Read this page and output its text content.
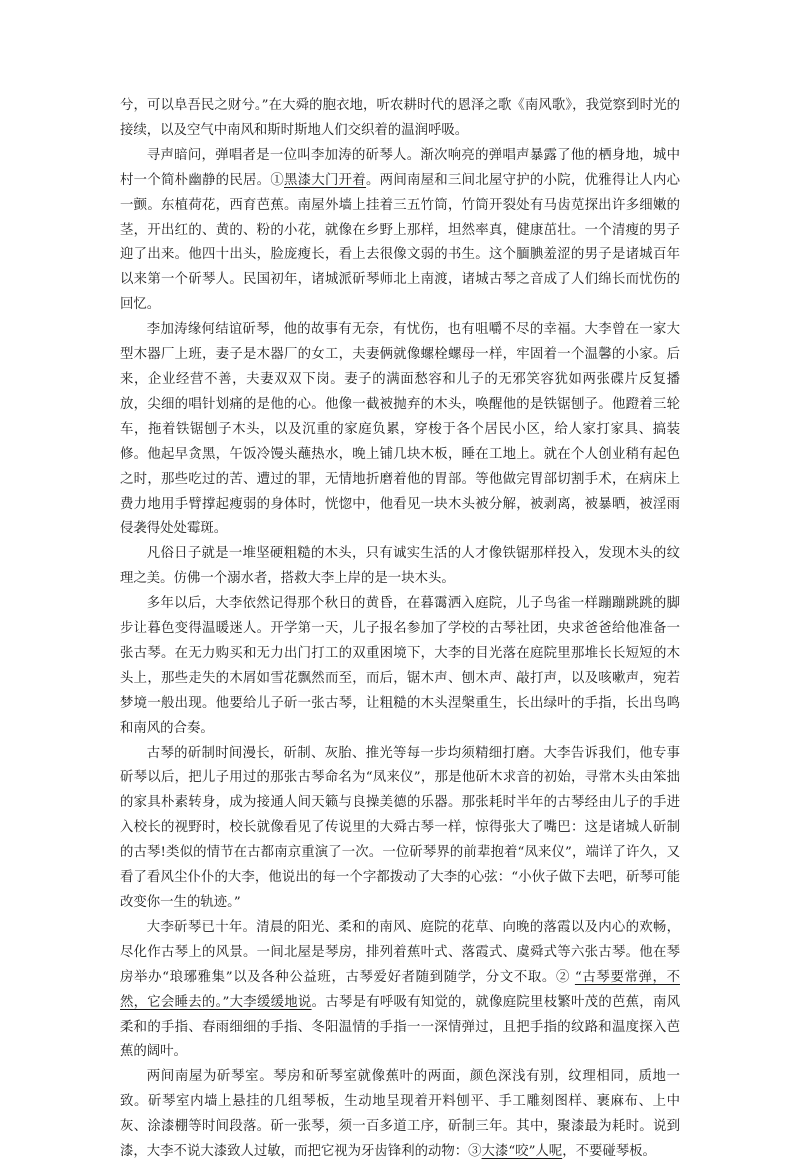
兮，可以阜吾民之财兮。”在大舜的胞衣地，听农耕时代的恩泽之歌《南风歌》，我觉察到时光的接续，以及空气中南风和斯时斯地人们交织着的温润呼吸。

寻声暗问，弹唱者是一位叫李加涛的斫琴人。渐次响亮的弹唱声暴露了他的栖身地，城中村一个简朴幽静的民居。①黑漆大门开着。两间南屋和三间北屋守护的小院，优雅得让人内心一颤。东植荷花，西育芭蕉。南屋外墙上挂着三五竹筒，竹筒开裂处有马齿苋探出许多细嫩的茎，开出红的、黄的、粉的小花，就像在乡野上那样，坦然率真，健康茁壮。一个清瘦的男子迎了出来。他四十出头，脸庞瘦长，看上去很像文弱的书生。这个腼腆羞涩的男子是诸城百年以来第一个斫琴人。民国初年，诸城派斫琴师北上南渡，诸城古琴之音成了人们绵长而忧伤的回忆。

李加涛缘何结谊斫琴，他的故事有无奈，有忧伤，也有咀嚼不尽的幸福。大李曾在一家大型木器厂上班，妻子是木器厂的女工，夫妻俩就像螺栓螺母一样，牢固着一个温馨的小家。后来，企业经营不善，夫妻双双下岗。妻子的满面愁容和儿子的无邪笑容犹如两张碟片反复播放，尖细的唱针划痛的是他的心。他像一截被抛弃的木头，唤醒他的是铁锯刨子。他蹬着三轮车，拖着铁锯刨子木头，以及沉重的家庭负累，穿梭于各个居民小区，给人家打家具、搞装修。他起早贪黑，午饭冷馒头蘸热水，晚上铺几块木板，睡在工地上。就在个人创业稍有起色之时，那些吃过的苦、遭过的罪，无情地折磨着他的胃部。等他做完胃部切割手术，在病床上费力地用手臂撑起瘦弱的身体时，恍惚中，他看见一块木头被分解，被剥离，被暴晒，被淫雨侵袭得处处霉斑。

凡俗日子就是一堆坚硬粗糙的木头，只有诚实生活的人才像铁锯那样投入，发现木头的纹理之美。仿佛一个溺水者，搭救大李上岸的是一块木头。

多年以后，大李依然记得那个秋日的黄昏，在暮霭洒入庭院，儿子鸟雀一样蹦蹦跳跳的脚步让暮色变得温暖迷人。开学第一天，儿子报名参加了学校的古琴社团，央求爸爸给他准备一张古琴。在无力购买和无力出门打工的双重困境下，大李的目光落在庭院里那堆长长短短的木头上，那些走失的木屑如雪花飘然而至，而后，锯木声、刨木声、敲打声，以及咳嗽声，宛若梦境一般出现。他要给儿子斫一张古琴，让粗糙的木头涅槃重生，长出绿叶的手指，长出鸟鸣和南风的合奏。

古琴的斫制时间漫长，斫制、灰胎、推光等每一步均须精细打磨。大李告诉我们，他专事斫琴以后，把儿子用过的那张古琴命名为“凤来仪”，那是他斫木求音的初始，寻常木头由笨拙的家具朴素转身，成为接通人间天籁与良操美德的乐器。那张耗时半年的古琴经由儿子的手进入校长的视野时，校长就像看见了传说里的大舜古琴一样，惊得张大了嘴巴：这是诸城人斫制的古琴!类似的情节在古都南京重演了一次。一位斫琴界的前辈抱着“凤来仪”，端详了许久，又看了看风尘仆仆的大李，他说出的每一个字都拨动了大李的心弦：“小伙子做下去吧，斫琴可能改变你一生的轨迹。”

大李斫琴已十年。清晨的阳光、柔和的南风、庭院的花草、向晚的落霞以及内心的欢畅，尽化作古琴上的风景。一间北屋是琴房，排列着蕉叶式、落霞式、虞舜式等六张古琴。他在琴房举办“琅琊雅集”以及各种公益班，古琴爱好者随到随学，分文不取。② “古琴要常弹，不然，它会睡去的。”大李缓缓地说。古琴是有呼吸有知觉的，就像庭院里枝繁叶茂的芭蕉，南风柔和的手指、春雨细细的手指、冬阳温情的手指一一深情弹过，且把手指的纹路和温度探入芭蕉的阔叶。

两间南屋为斫琴室。琴房和斫琴室就像蕉叶的两面，颜色深浅有别，纹理相同，质地一致。斫琴室内墙上悬挂的几组琴板，生动地呈现着开料刨平、手工雕刻图样、裹麻布、上中灰、涂漆棚等时间段落。斫一张琴，须一百多道工序，斫制三年。其中，聚漆最为耗时。说到漆，大李不说大漆致人过敏，而把它视为牙齿锋利的动物：③大漆“咬”人呢，不要碰琴板。
